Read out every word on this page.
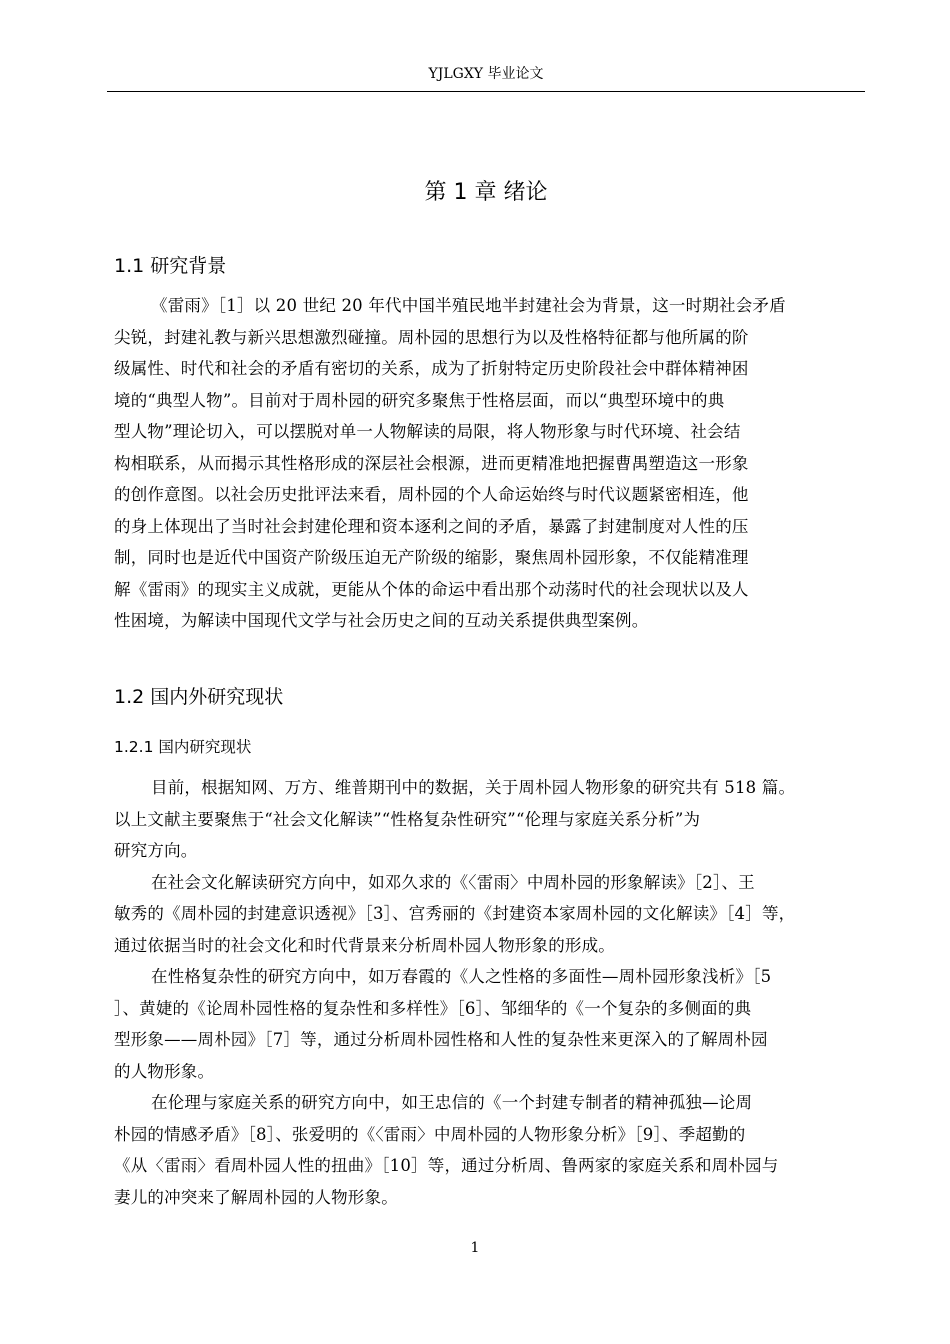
YJLGXY 毕业论文
第 1 章 绪论
1.1 研究背景
《雷雨》［1］以 20 世纪 20 年代中国半殖民地半封建社会为背景，这一时期社会矛盾
尖锐，封建礼教与新兴思想激烈碰撞。周朴园的思想行为以及性格特征都与他所属的阶
级属性、时代和社会的矛盾有密切的关系，成为了折射特定历史阶段社会中群体精神困
境的“典型人物”。目前对于周朴园的研究多聚焦于性格层面，而以“典型环境中的典
型人物”理论切入，可以摆脱对单一人物解读的局限，将人物形象与时代环境、社会结
构相联系，从而揭示其性格形成的深层社会根源，进而更精准地把握曹禺塑造这一形象
的创作意图。以社会历史批评法来看，周朴园的个人命运始终与时代议题紧密相连，他
的身上体现出了当时社会封建伦理和资本逐利之间的矛盾，暴露了封建制度对人性的压
制，同时也是近代中国资产阶级压迫无产阶级的缩影，聚焦周朴园形象，不仅能精准理
解《雷雨》的现实主义成就，更能从个体的命运中看出那个动荡时代的社会现状以及人
性困境，为解读中国现代文学与社会历史之间的互动关系提供典型案例。
1.2 国内外研究现状
1.2.1 国内研究现状
目前，根据知网、万方、维普期刊中的数据，关于周朴园人物形象的研究共有 518 篇。
以上文献主要聚焦于“社会文化解读”“性格复杂性研究”“伦理与家庭关系分析”为
研究方向。
在社会文化解读研究方向中，如邓久求的《〈雷雨〉中周朴园的形象解读》［2］、王
敏秀的《周朴园的封建意识透视》［3］、宫秀丽的《封建资本家周朴园的文化解读》［4］等，
通过依据当时的社会文化和时代背景来分析周朴园人物形象的形成。
在性格复杂性的研究方向中，如万春霞的《人之性格的多面性—周朴园形象浅析》［5
］、黄婕的《论周朴园性格的复杂性和多样性》［6］、邹细华的《一个复杂的多侧面的典
型形象——周朴园》［7］等，通过分析周朴园性格和人性的复杂性来更深入的了解周朴园
的人物形象。
在伦理与家庭关系的研究方向中，如王忠信的《一个封建专制者的精神孤独—论周
朴园的情感矛盾》［8］、张爱明的《〈雷雨〉中周朴园的人物形象分析》［9］、季超勤的
《从〈雷雨〉看周朴园人性的扭曲》［10］等，通过分析周、鲁两家的家庭关系和周朴园与
妻儿的冲突来了解周朴园的人物形象。
1
